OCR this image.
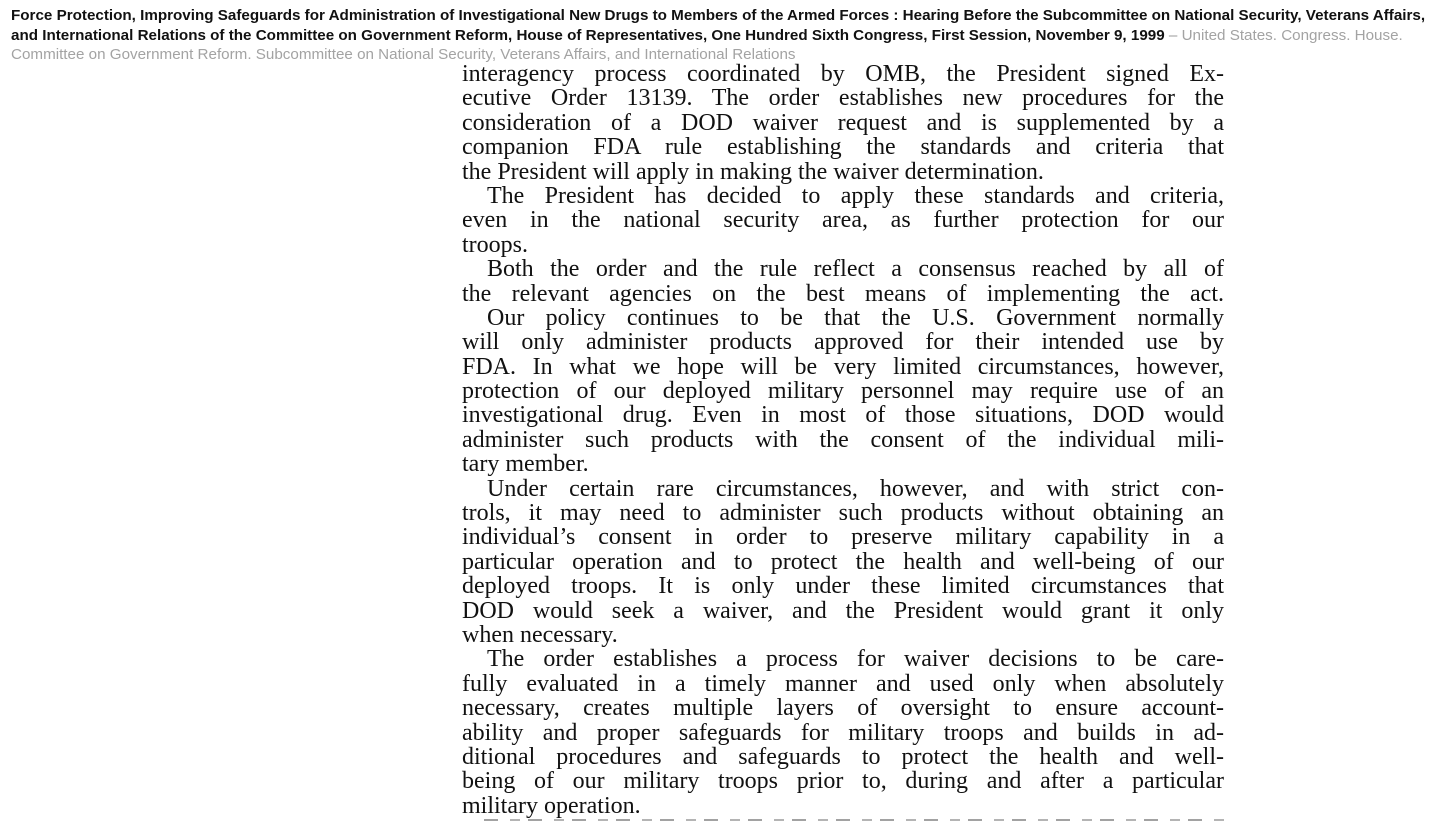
Force Protection, Improving Safeguards for Administration of Investigational New Drugs to Members of the Armed Forces : Hearing Before the Subcommittee on National Security, Veterans Affairs, and International Relations of the Committee on Government Reform, House of Representatives, One Hundred Sixth Congress, First Session, November 9, 1999 – United States. Congress. House. Committee on Government Reform. Subcommittee on National Security, Veterans Affairs, and International Relations
interagency process coordinated by OMB, the President signed Ex-
ecutive Order 13139. The order establishes new procedures for the
consideration of a DOD waiver request and is supplemented by a
companion FDA rule establishing the standards and criteria that
the President will apply in making the waiver determination.
The President has decided to apply these standards and criteria,
even in the national security area, as further protection for our
troops.
Both the order and the rule reflect a consensus reached by all of
the relevant agencies on the best means of implementing the act.
Our policy continues to be that the U.S. Government normally
will only administer products approved for their intended use by
FDA. In what we hope will be very limited circumstances, however,
protection of our deployed military personnel may require use of an
investigational drug. Even in most of those situations, DOD would
administer such products with the consent of the individual mili-
tary member.
Under certain rare circumstances, however, and with strict con-
trols, it may need to administer such products without obtaining an
individual’s consent in order to preserve military capability in a
particular operation and to protect the health and well-being of our
deployed troops. It is only under these limited circumstances that
DOD would seek a waiver, and the President would grant it only
when necessary.
The order establishes a process for waiver decisions to be care-
fully evaluated in a timely manner and used only when absolutely
necessary, creates multiple layers of oversight to ensure account-
ability and proper safeguards for military troops and builds in ad-
ditional procedures and safeguards to protect the health and well-
being of our military troops prior to, during and after a particular
military operation.
